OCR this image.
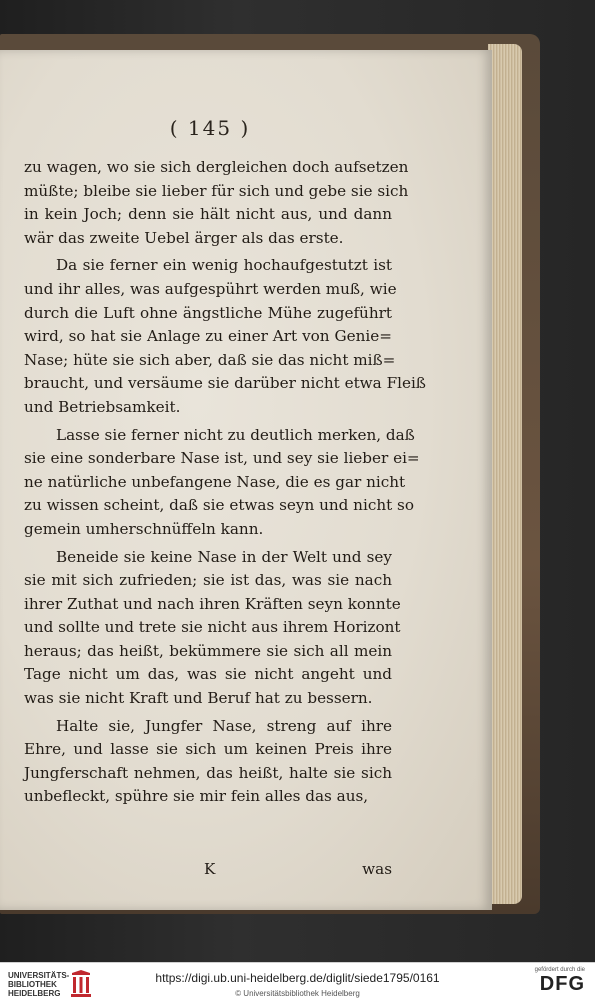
( 145 )
zu wagen, wo sie sich dergleichen doch aufsetzen
müßte; bleibe sie lieber für sich und gebe sie sich
in kein Joch; denn sie hält nicht aus, und dann
wär das zweite Uebel ärger als das erste.
Da sie ferner ein wenig hochaufgestutzt ist
und ihr alles, was aufgespührt werden muß, wie
durch die Luft ohne ängstliche Mühe zugeführt
wird, so hat sie Anlage zu einer Art von Genie=
Nase; hüte sie sich aber, daß sie das nicht miß=
braucht, und versäume sie darüber nicht etwa Fleiß
und Betriebsamkeit.
Lasse sie ferner nicht zu deutlich merken, daß
sie eine sonderbare Nase ist, und sey sie lieber ei=
ne natürliche unbefangene Nase, die es gar nicht
zu wissen scheint, daß sie etwas seyn und nicht so
gemein umherschnüffeln kann.
Beneide sie keine Nase in der Welt und sey
sie mit sich zufrieden; sie ist das, was sie nach
ihrer Zuthat und nach ihren Kräften seyn konnte
und sollte und trete sie nicht aus ihrem Horizont
heraus; das heißt, bekümmere sie sich all mein
Tage nicht um das, was sie nicht angeht und
was sie nicht Kraft und Beruf hat zu bessern.
Halte sie, Jungfer Nase, streng auf ihre
Ehre, und lasse sie sich um keinen Preis ihre
Jungferschaft nehmen, das heißt, halte sie sich
unbefleckt, spühre sie mir fein alles das aus,
K	was
UNIVERSITÄTS-
BIBLIOTHEK
HEIDELBERG
https://digi.ub.uni-heidelberg.de/diglit/siede1795/0161
© Universitätsbibliothek Heidelberg
gefördert durch die
DFG
